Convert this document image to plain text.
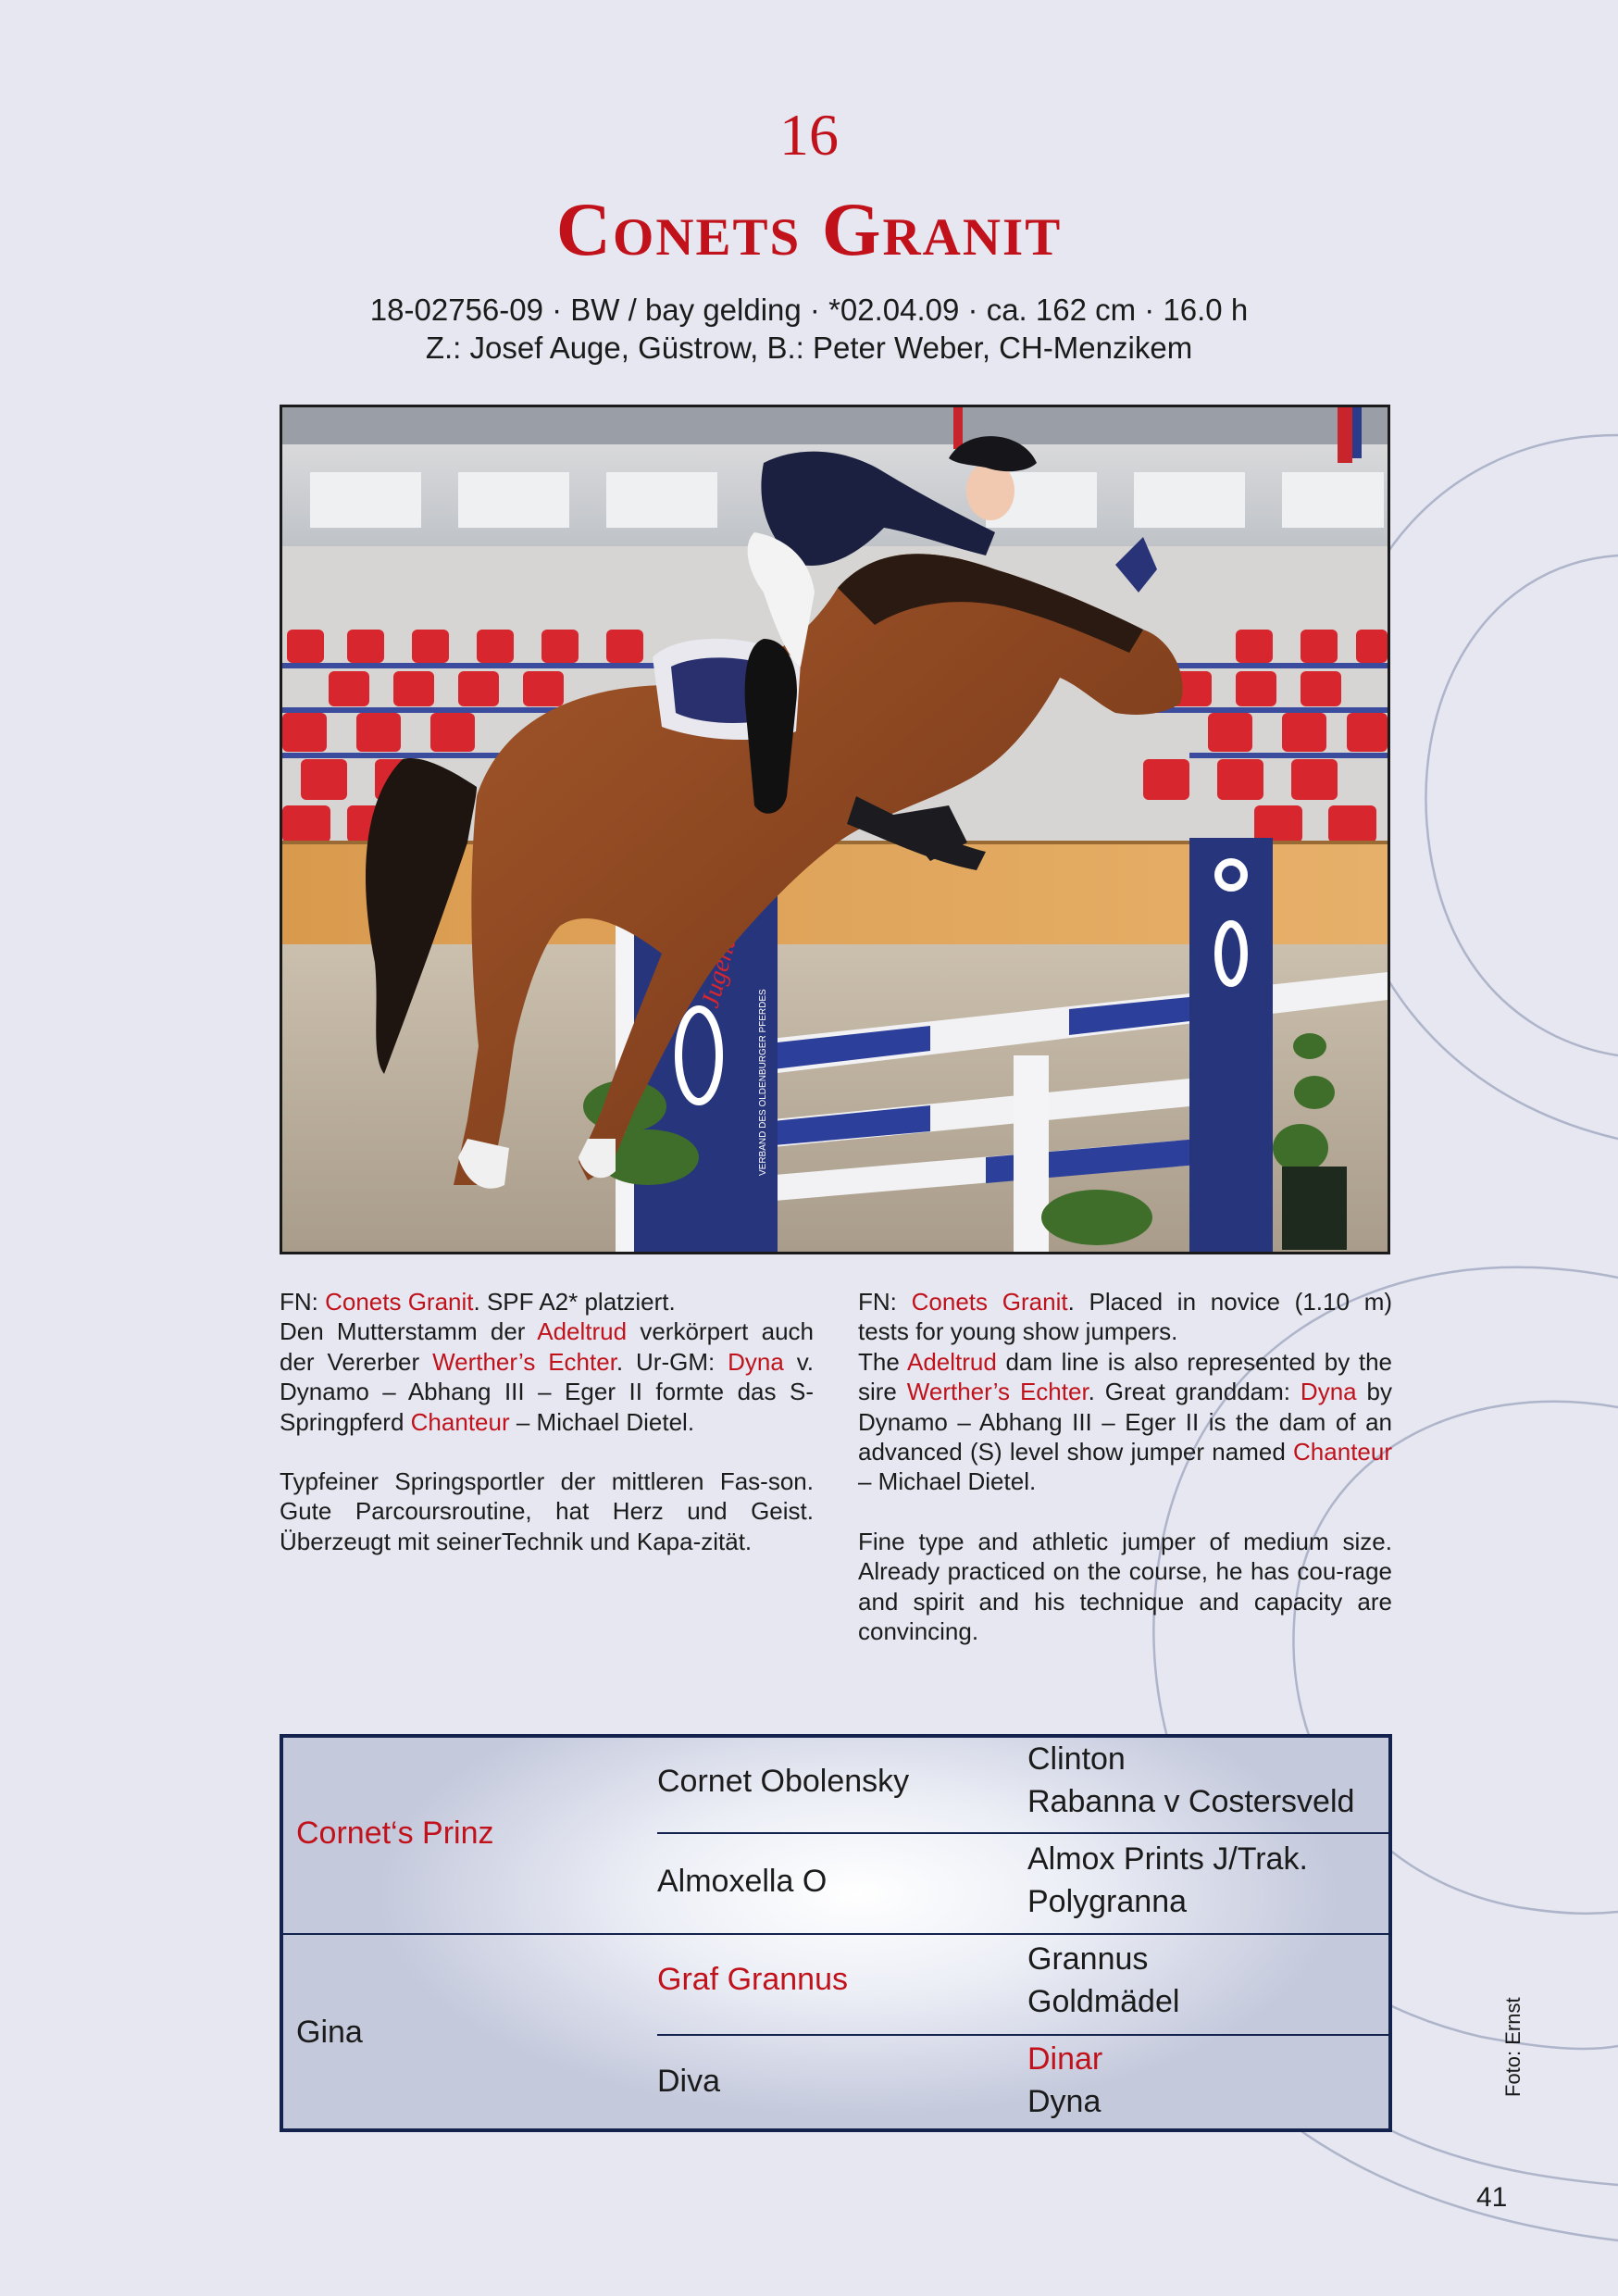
16
Conets Granit
18-02756-09 · BW / bay gelding · *02.04.09 · ca. 162 cm · 16.0 h
Z.: Josef Auge, Güstrow, B.: Peter Weber, CH-Menzikem
VERBAND DES OLDENBURGER PFERDES

FN: Conets Granit. SPF A2* platziert.

Den Mutterstamm der Adeltrud verkörpert auch der Vererber Werther’s Echter. Ur-GM: Dyna v. Dynamo – Abhang III – Eger II formte das S-Springpferd Chanteur – Michael Dietel.

Typfeiner Springsportler der mittleren Fas-son. Gute Parcoursroutine, hat Herz und Geist. Überzeugt mit seinerTechnik und Kapa-zität.

FN: Conets Granit. Placed in novice (1.10 m) tests for young show jumpers.

The Adeltrud dam line is also represented by the sire Werther’s Echter. Great granddam: Dyna by Dynamo – Abhang III – Eger II is the dam of an advanced (S) level show jumper named Chanteur – Michael Dietel.

Fine type and athletic jumper of medium size. Already practiced on the course, he has cou-rage and spirit and his technique and capacity are convincing.

Cornet‘s Prinz
Gina
Cornet Obolensky
Almoxella O
Graf Grannus
Diva
Clinton
Rabanna v Costersveld
Almox Prints J/Trak.
Polygranna
Grannus
Goldmädel
Dinar
Dyna
Foto: Ernst
41
